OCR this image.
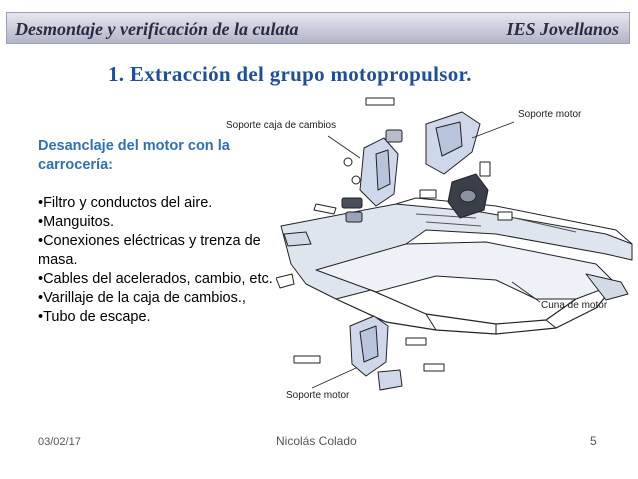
Desmontaje y verificación de la culata	IES Jovellanos
1. Extracción del grupo motopropulsor.
Desanclaje del motor con la carrocería:
• Filtro y conductos del aire.
• Manguitos.
• Conexiones eléctricas y trenza de masa.
• Cables del acelerados, cambio, etc.
• Varillaje de la caja de cambios.,
• Tubo de escape.
Soporte caja de cambios
Soporte motor
Cuna de motor
Soporte motor
03/02/17	Nicolás Colado	5
